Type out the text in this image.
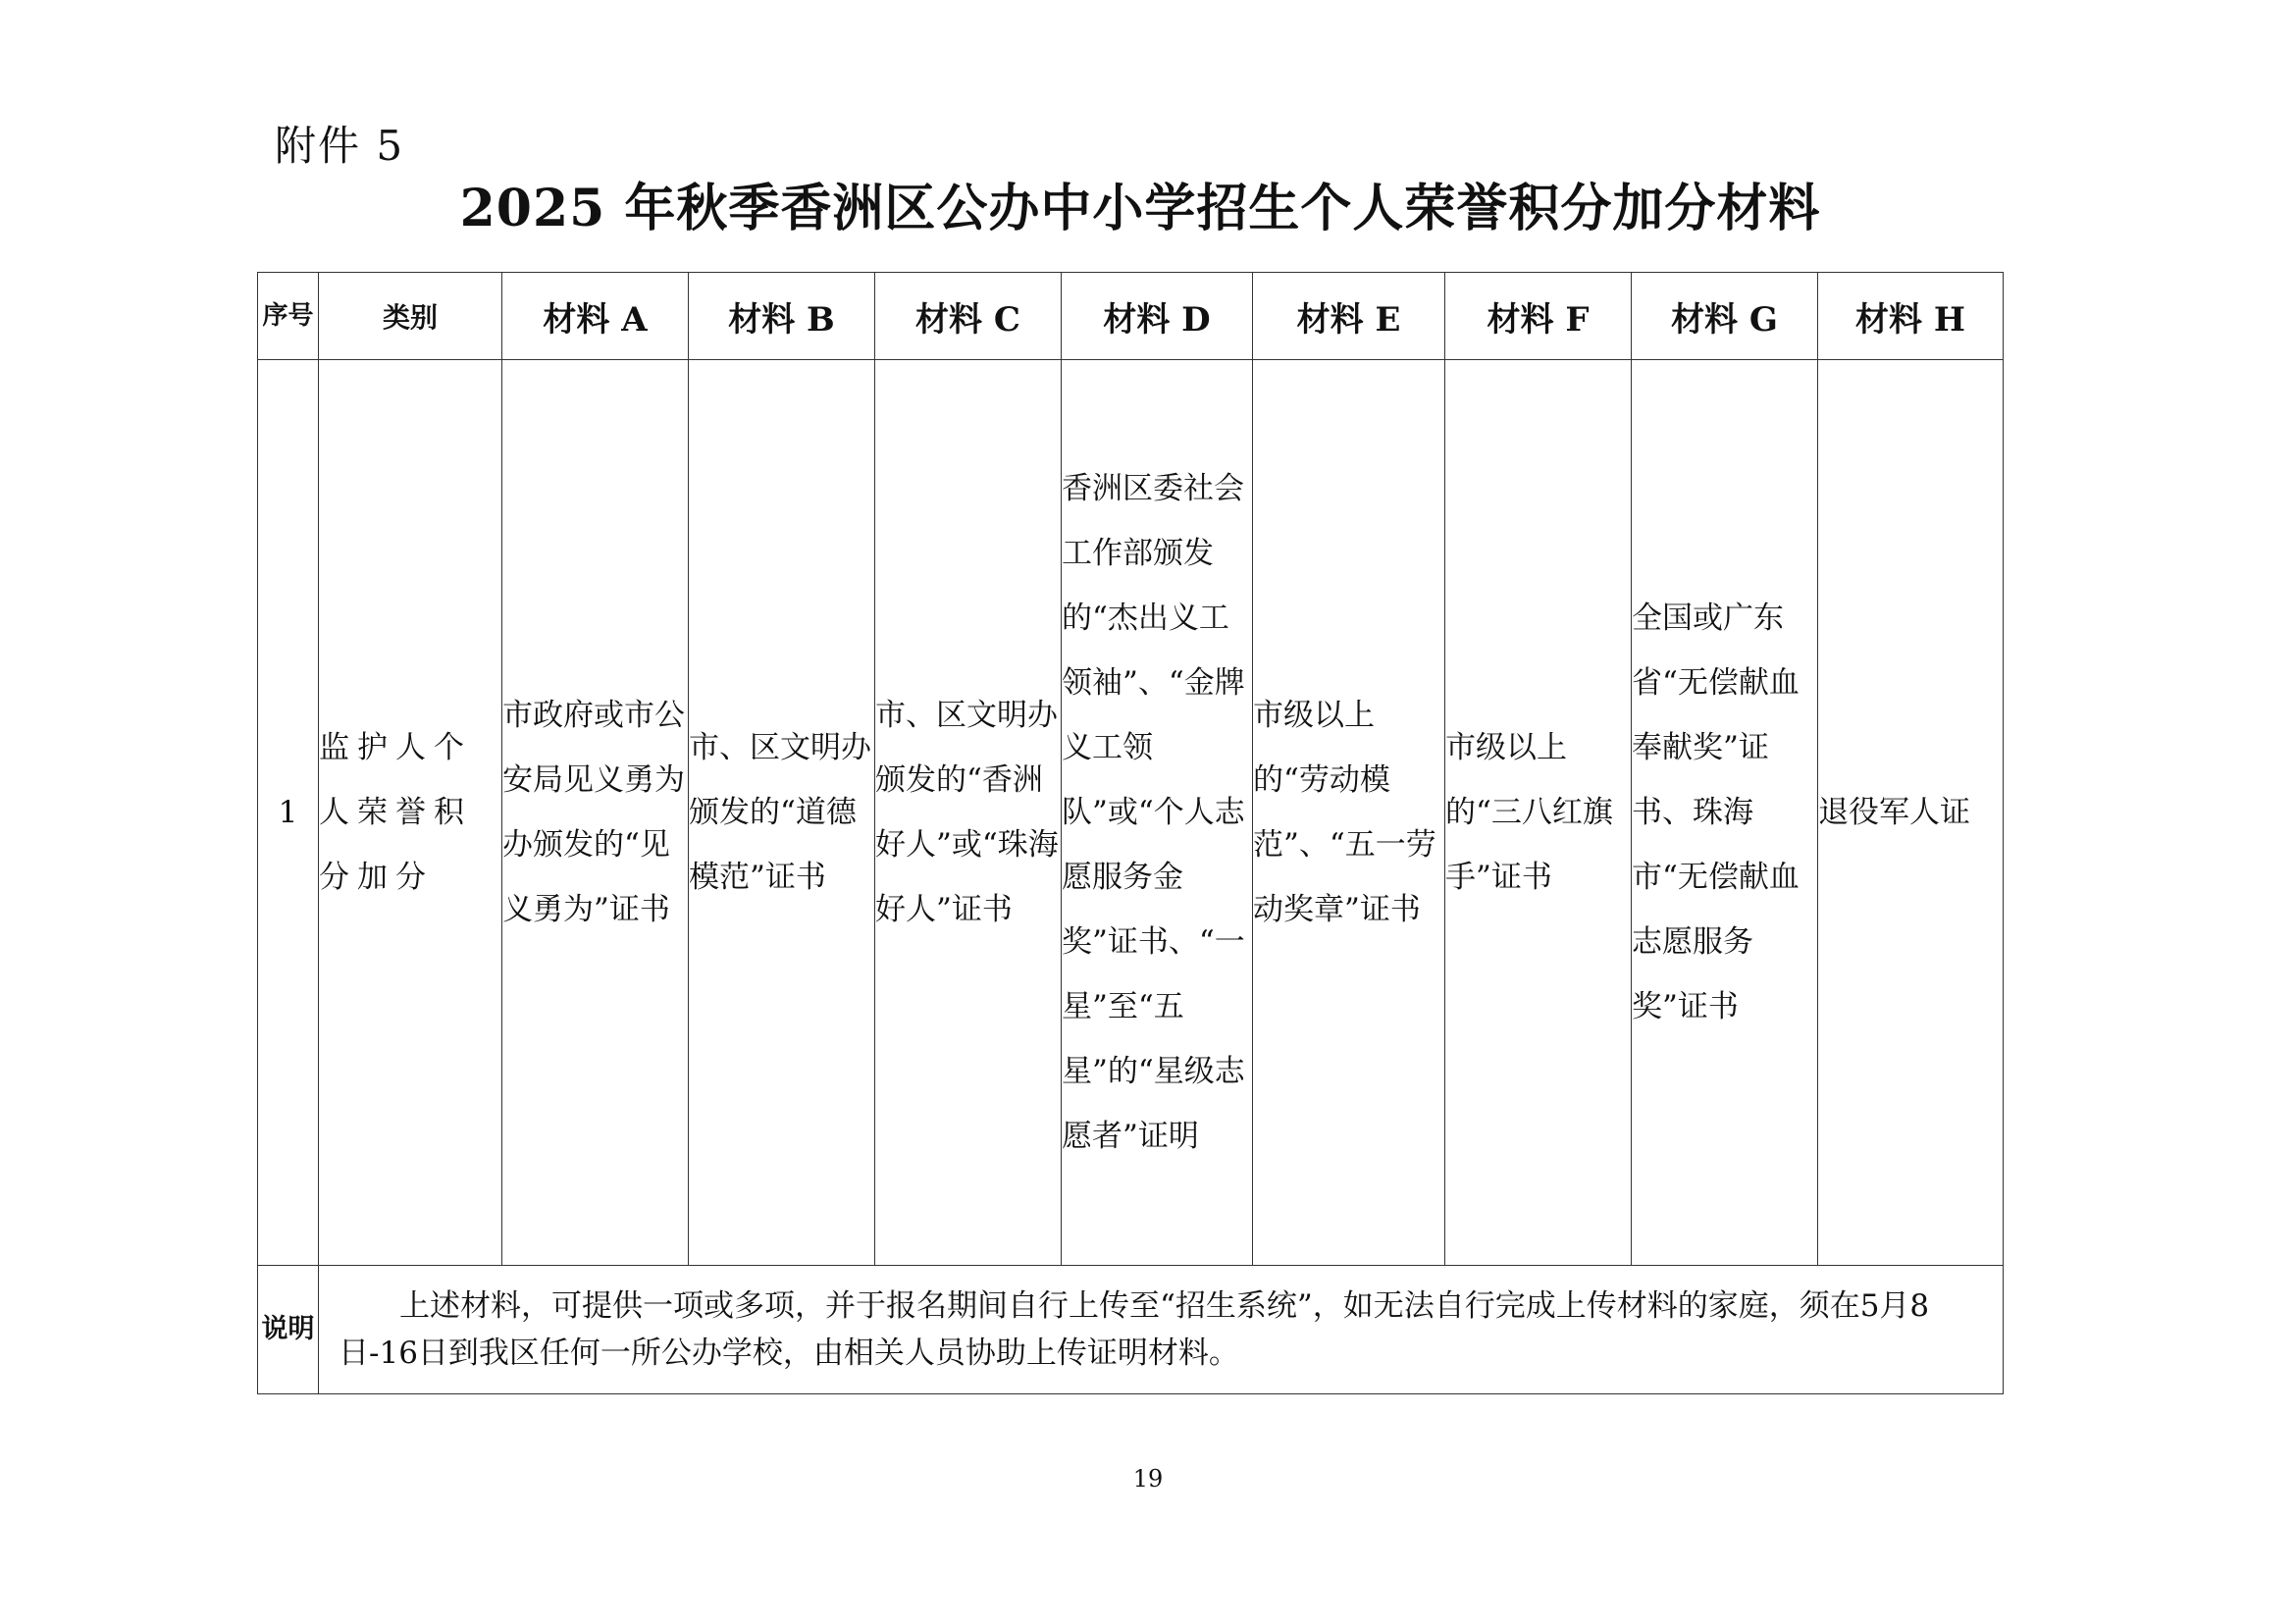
附件 5
2025 年秋季香洲区公办中小学招生个人荣誉积分加分材料
序号	类别	材料 A	材料 B	材料 C	材料 D	材料 E	材料 F	材料 G	材料 H
1	监护人个人荣誉积分加分	市政府或市公安局见义勇为办颁发的“见义勇为”证书	市、区文明办颁发的“道德模范”证书	市、区文明办颁发的“香洲好人”或“珠海好人”证书	香洲区委社会工作部颁发的“杰出义工领袖”、“金牌义工领队”或“个人志愿服务金奖”证书、“一星”至“五星”的“星级志愿者”证明	市级以上的“劳动模范”、“五一劳动奖章”证书	市级以上的“三八红旗手”证书	全国或广东省“无偿献血奉献奖”证书、珠海市“无偿献血志愿服务奖”证书	退役军人证
说明	上述材料，可提供一项或多项，并于报名期间自行上传至“招生系统”，如无法自行完成上传材料的家庭，须在5月8日-16日到我区任何一所公办学校，由相关人员协助上传证明材料。								
19
